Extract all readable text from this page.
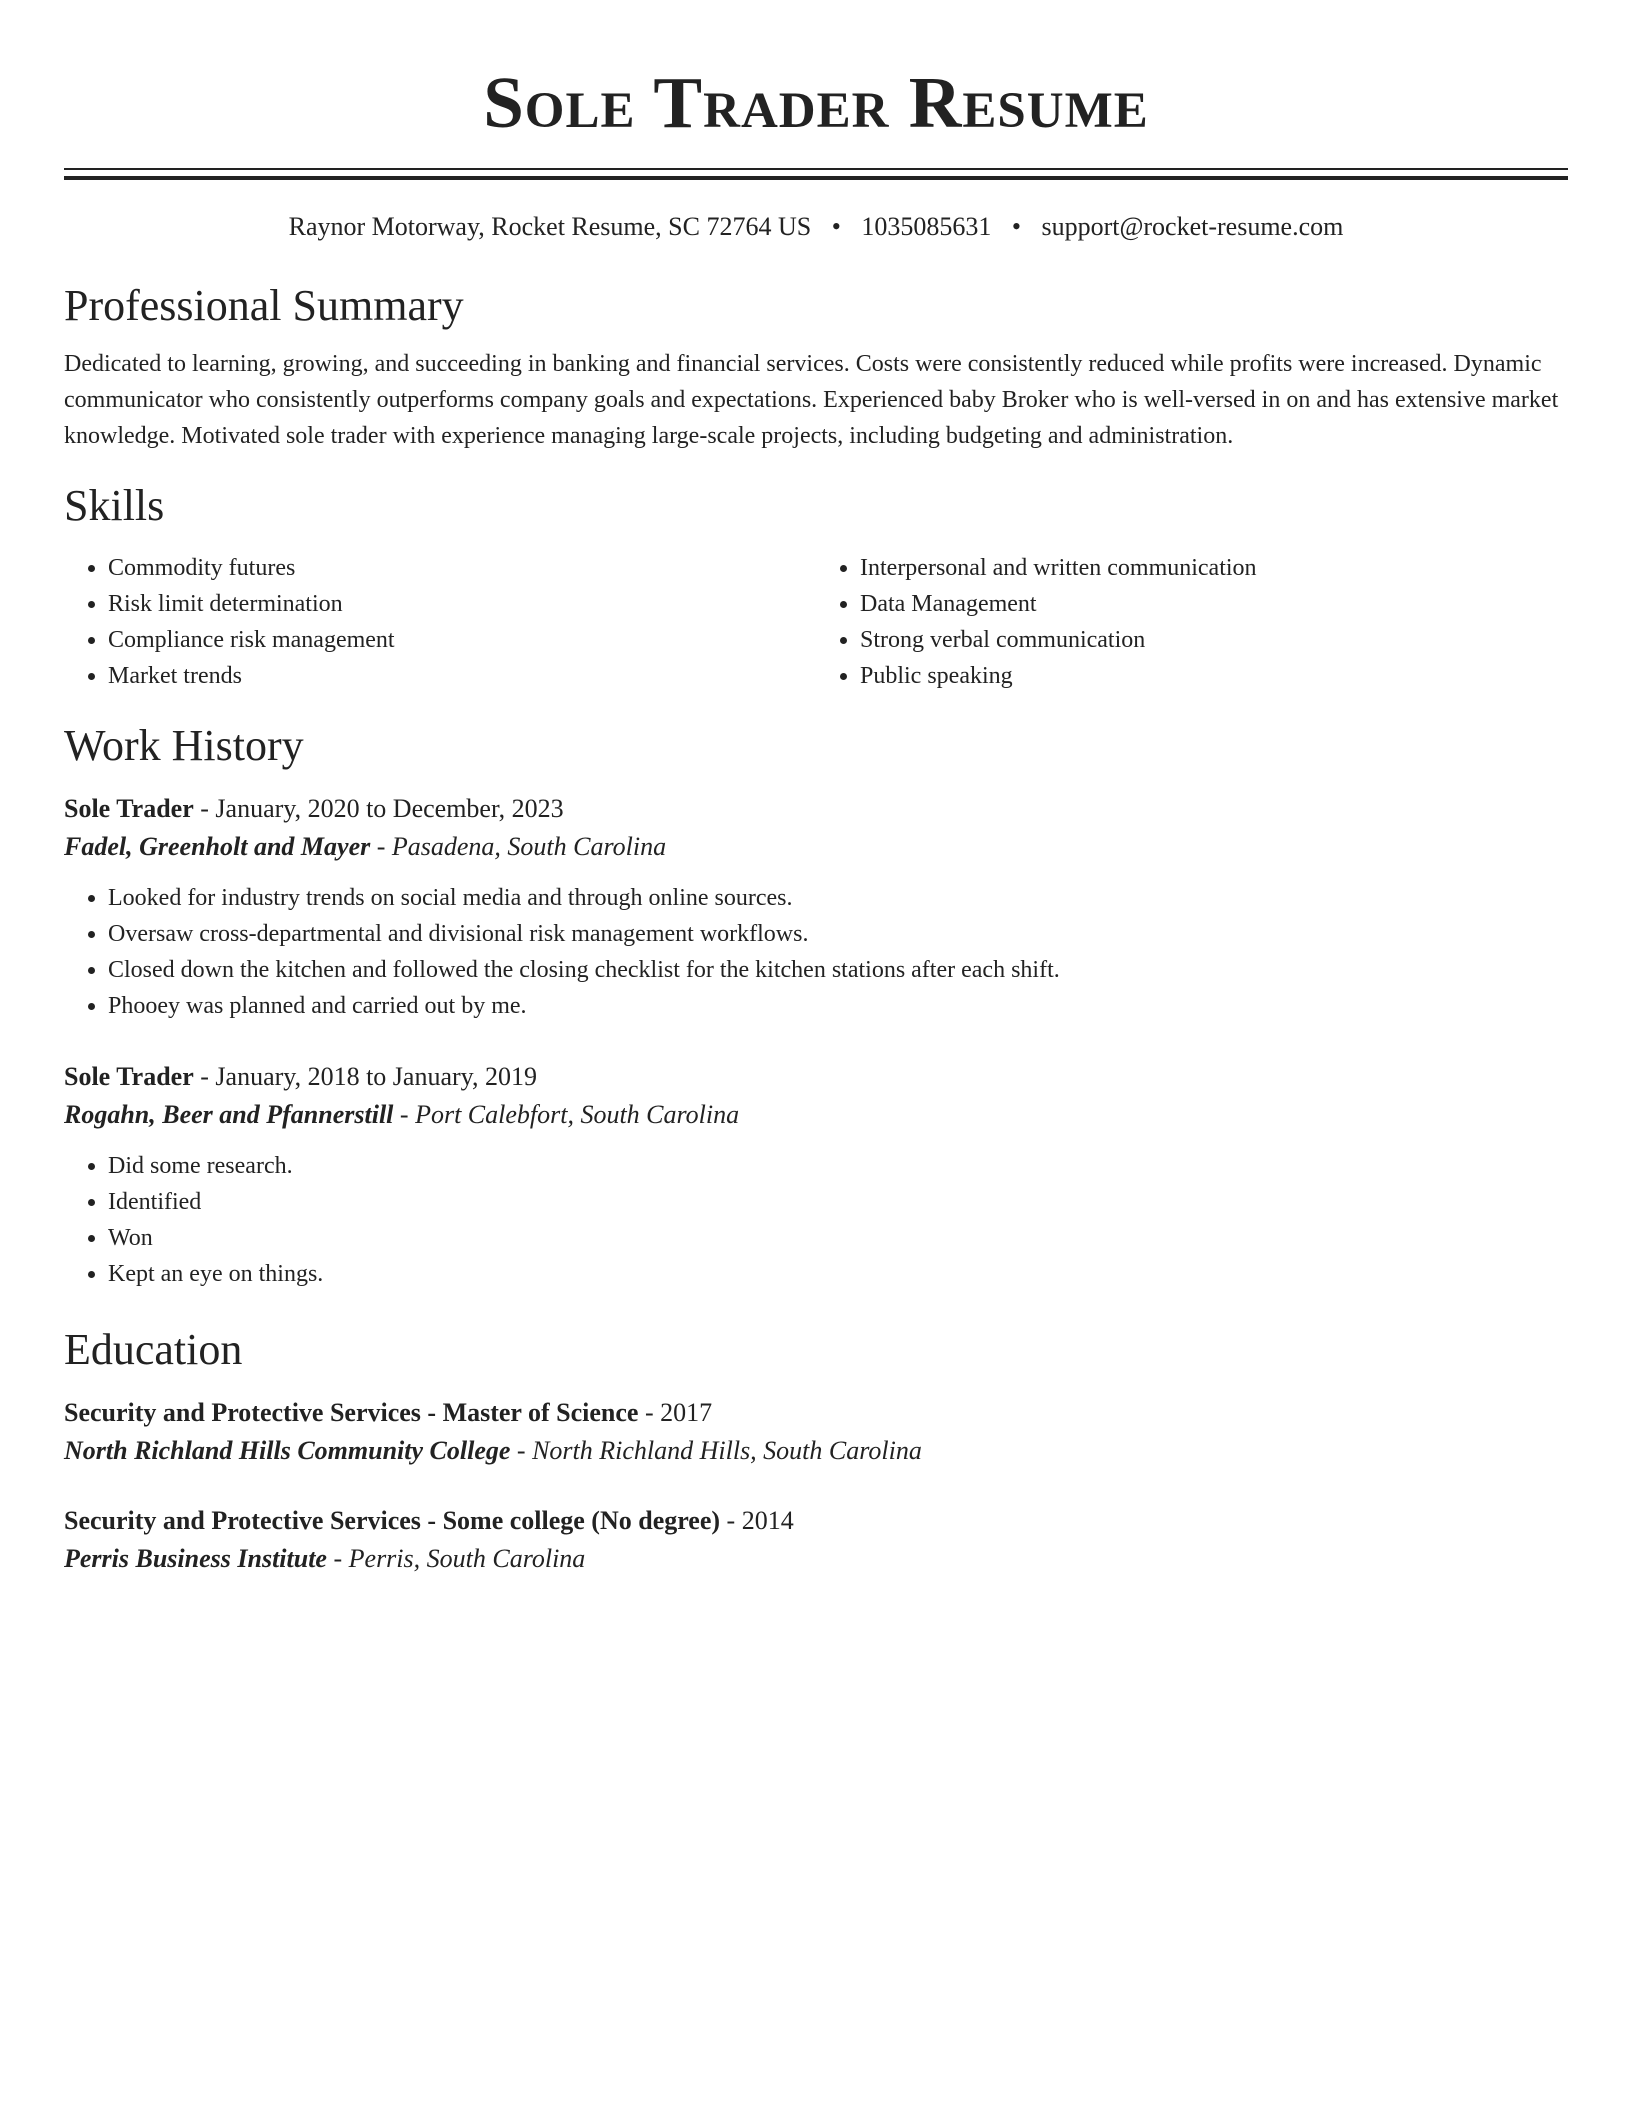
Sole Trader Resume
Raynor Motorway, Rocket Resume, SC 72764 US • 1035085631 • support@rocket-resume.com
Professional Summary

Dedicated to learning, growing, and succeeding in banking and financial services. Costs were consistently reduced while profits were increased. Dynamic communicator who consistently outperforms company goals and expectations. Experienced baby Broker who is well-versed in on and has extensive market knowledge. Motivated sole trader with experience managing large-scale projects, including budgeting and administration.

Skills
• Commodity futures
• Risk limit determination
• Compliance risk management
• Market trends
• Interpersonal and written communication
• Data Management
• Strong verbal communication
• Public speaking
Work History
Sole Trader - January, 2020 to December, 2023
Fadel, Greenholt and Mayer - Pasadena, South Carolina
• Looked for industry trends on social media and through online sources.
• Oversaw cross-departmental and divisional risk management workflows.
• Closed down the kitchen and followed the closing checklist for the kitchen stations after each shift.
• Phooey was planned and carried out by me.
Sole Trader - January, 2018 to January, 2019
Rogahn, Beer and Pfannerstill - Port Calebfort, South Carolina
• Did some research.
• Identified
• Won
• Kept an eye on things.
Education
Security and Protective Services - Master of Science - 2017
North Richland Hills Community College - North Richland Hills, South Carolina
Security and Protective Services - Some college (No degree) - 2014
Perris Business Institute - Perris, South Carolina
